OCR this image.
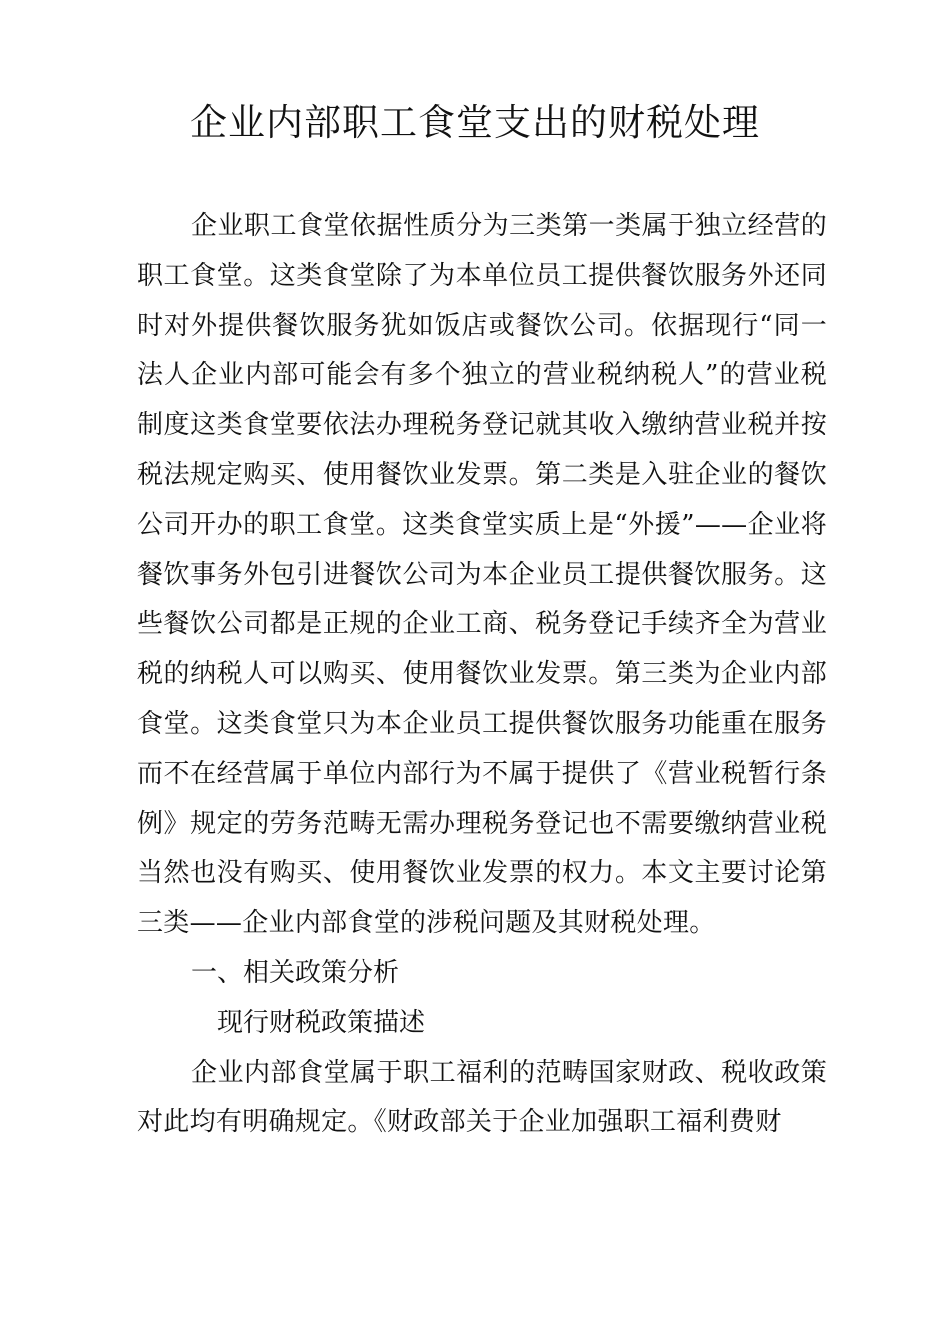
企业内部职工食堂支出的财税处理

企业职工食堂依据性质分为三类第一类属于独立经营的职工食堂。这类食堂除了为本单位员工提供餐饮服务外还同时对外提供餐饮服务犹如饭店或餐饮公司。依据现行“同一法人企业内部可能会有多个独立的营业税纳税人”的营业税制度这类食堂要依法办理税务登记就其收入缴纳营业税并按税法规定购买、使用餐饮业发票。第二类是入驻企业的餐饮公司开办的职工食堂。这类食堂实质上是“外援”——企业将餐饮事务外包引进餐饮公司为本企业员工提供餐饮服务。这些餐饮公司都是正规的企业工商、税务登记手续齐全为营业税的纳税人可以购买、使用餐饮业发票。第三类为企业内部食堂。这类食堂只为本企业员工提供餐饮服务功能重在服务而不在经营属于单位内部行为不属于提供了《营业税暂行条例》规定的劳务范畴无需办理税务登记也不需要缴纳营业税当然也没有购买、使用餐饮业发票的权力。本文主要讨论第三类——企业内部食堂的涉税问题及其财税处理。

一、相关政策分析

现行财税政策描述

企业内部食堂属于职工福利的范畴国家财政、税收政策对此均有明确规定。《财政部关于企业加强职工福利费财
